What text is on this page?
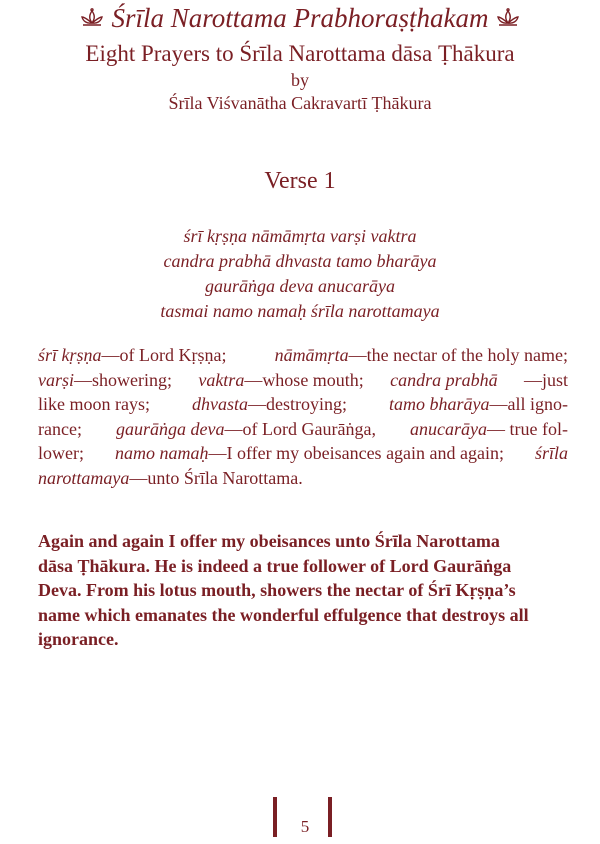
Śrīla Narottama Prabhoraṣṭhakam
Eight Prayers to Śrīla Narottama dāsa Ṭhākura
by
Śrīla Viśvanātha Cakravartī Ṭhākura
Verse 1
śrī kṛṣṇa nāmāmṛta varṣi vaktra
candra prabhā dhvasta tamo bharāya
gaurāṅga deva anucarāya
tasmai namo namaḥ śrīla narottamaya
śrī kṛṣṇa—of Lord Kṛṣṇa;	nāmāmṛta—the nectar of the holy name;
varṣi—showering; vaktra—whose mouth; candra prabhā —just
like moon rays; dhvasta—destroying; tamo bharāya—all igno-
rance; gaurāṅga deva—of Lord Gaurāṅga, anucarāya— true fol-
lower; namo namaḥ—I offer my obeisances again and again; śrīla
narottamaya—unto Śrīla Narottama.
Again and again I offer my obeisances unto Śrīla Narottama
dāsa Ṭhākura. He is indeed a true follower of Lord Gaurāṅga
Deva. From his lotus mouth, showers the nectar of Śrī Kṛṣṇa’s
name which emanates the wonderful effulgence that destroys all
ignorance.
5
